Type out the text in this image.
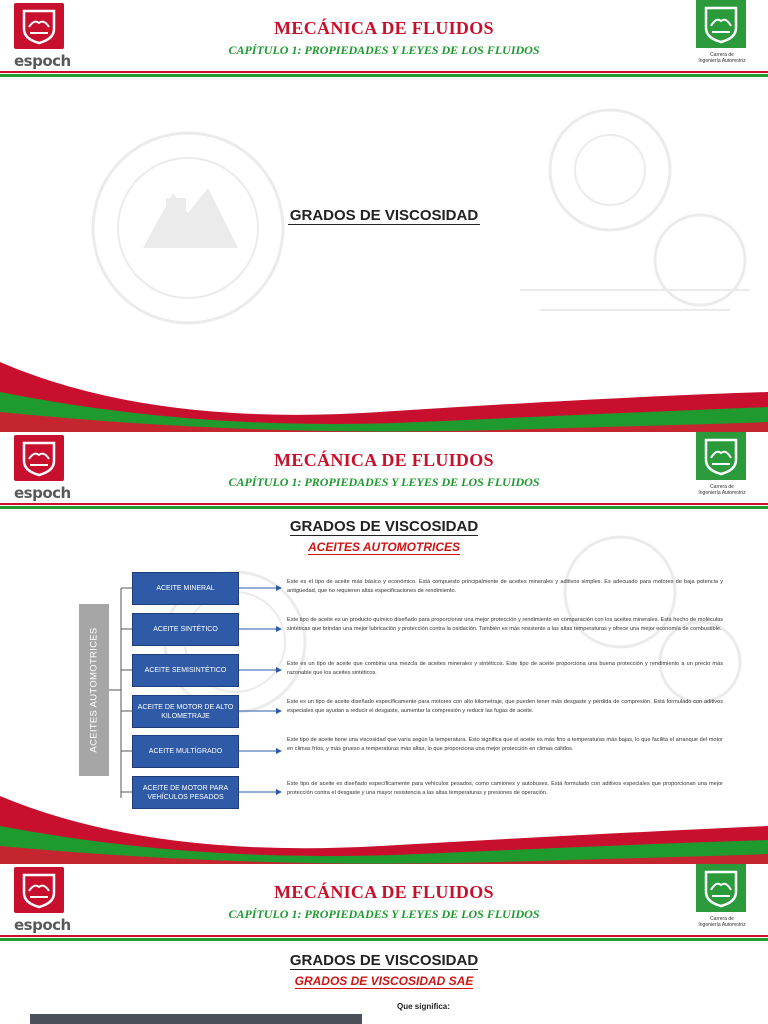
espoch
MECÁNICA DE FLUIDOS
CAPÍTULO 1: PROPIEDADES Y LEYES DE LOS FLUIDOS	Carrera de
Ingeniería Automotriz
GRADOS DE VISCOSIDAD
espoch
MECÁNICA DE FLUIDOS
CAPÍTULO 1: PROPIEDADES Y LEYES DE LOS FLUIDOS	Carrera de
Ingeniería Automotriz
GRADOS DE VISCOSIDAD
ACEITES AUTOMOTRICES
ACEITES AUTOMOTRICES
ACEITE MINERAL
ACEITE SINTÉTICO
ACEITE SEMISINTÉTICO
ACEITE DE MOTOR DE ALTO KILOMETRAJE
ACEITE MULTÍGRADO
ACEITE DE MOTOR PARA VEHÍCULOS PESADOS
Este es el tipo de aceite más básico y económico. Está compuesto principalmente de aceites minerales y aditivos simples. Es adecuado para motores de baja potencia y antigüedad, que no requieren altas especificaciones de rendimiento.
Este tipo de aceite es un producto químico diseñado para proporcionar una mejor protección y rendimiento en comparación con los aceites minerales. Está hecho de moléculas sintéticas que brindan una mejor lubricación y protección contra la oxidación. También es más resistente a las altas temperaturas y ofrece una mejor economía de combustible.
Este es un tipo de aceite que combina una mezcla de aceites minerales y sintéticos. Este tipo de aceite proporciona una buena protección y rendimiento a un precio más razonable que los aceites sintéticos.
Este es un tipo de aceite diseñado específicamente para motores con alto kilometraje, que pueden tener más desgaste y pérdida de compresión. Está formulado con aditivos especiales que ayudan a reducir el desgaste, aumentar la compresión y reducir las fugas de aceite.
Este tipo de aceite tiene una viscosidad que varía según la temperatura. Esto significa que el aceite es más fino a temperaturas más bajas, lo que facilita el arranque del motor en climas fríos, y más grueso a temperaturas más altas, lo que proporciona una mejor protección en climas cálidos.
Este tipo de aceite es diseñado específicamente para vehículos pesados, como camiones y autobuses. Está formulado con aditivos especiales que proporcionan una mejor protección contra el desgaste y una mayor resistencia a las altas temperaturas y presiones de operación.
espoch
MECÁNICA DE FLUIDOS
CAPÍTULO 1: PROPIEDADES Y LEYES DE LOS FLUIDOS	Carrera de
Ingeniería Automotriz
GRADOS DE VISCOSIDAD
GRADOS DE VISCOSIDAD SAE
Que significa:
